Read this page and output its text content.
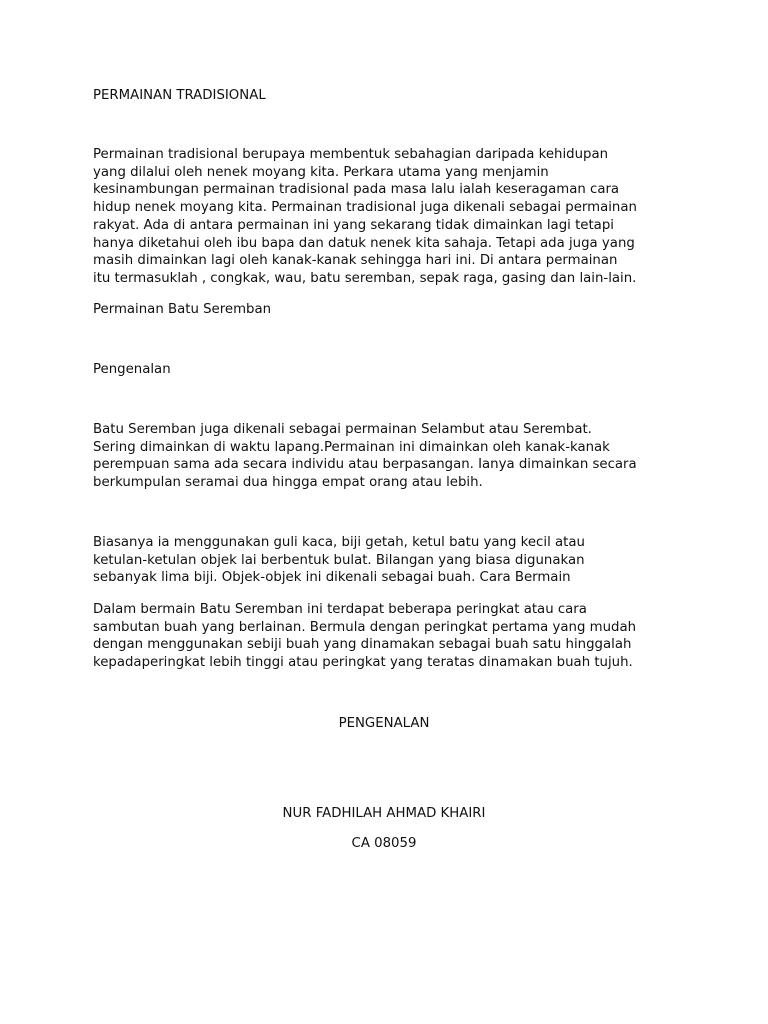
PERMAINAN TRADISIONAL

Permainan tradisional berupaya membentuk sebahagian daripada kehidupan
yang dilalui oleh nenek moyang kita. Perkara utama yang menjamin
kesinambungan permainan tradisional pada masa lalu ialah keseragaman cara
hidup nenek moyang kita. Permainan tradisional juga dikenali sebagai permainan
rakyat. Ada di antara permainan ini yang sekarang tidak dimainkan lagi tetapi
hanya diketahui oleh ibu bapa dan datuk nenek kita sahaja. Tetapi ada juga yang
masih dimainkan lagi oleh kanak-kanak sehingga hari ini. Di antara permainan
itu termasuklah , congkak, wau, batu seremban, sepak raga, gasing dan lain-lain.

Permainan Batu Seremban

Pengenalan

Batu Seremban juga dikenali sebagai permainan Selambut atau Serembat.
Sering dimainkan di waktu lapang.Permainan ini dimainkan oleh kanak-kanak
perempuan sama ada secara individu atau berpasangan. Ianya dimainkan secara
berkumpulan seramai dua hingga empat orang atau lebih.
Biasanya ia menggunakan guli kaca, biji getah, ketul batu yang kecil atau
ketulan-ketulan objek lai berbentuk bulat. Bilangan yang biasa digunakan
sebanyak lima biji. Objek-objek ini dikenali sebagai buah. Cara Bermain
Dalam bermain Batu Seremban ini terdapat beberapa peringkat atau cara
sambutan buah yang berlainan. Bermula dengan peringkat pertama yang mudah
dengan menggunakan sebiji buah yang dinamakan sebagai buah satu hinggalah
kepadaperingkat lebih tinggi atau peringkat yang teratas dinamakan buah tujuh.

PENGENALAN

NUR FADHILAH AHMAD KHAIRI

CA 08059
